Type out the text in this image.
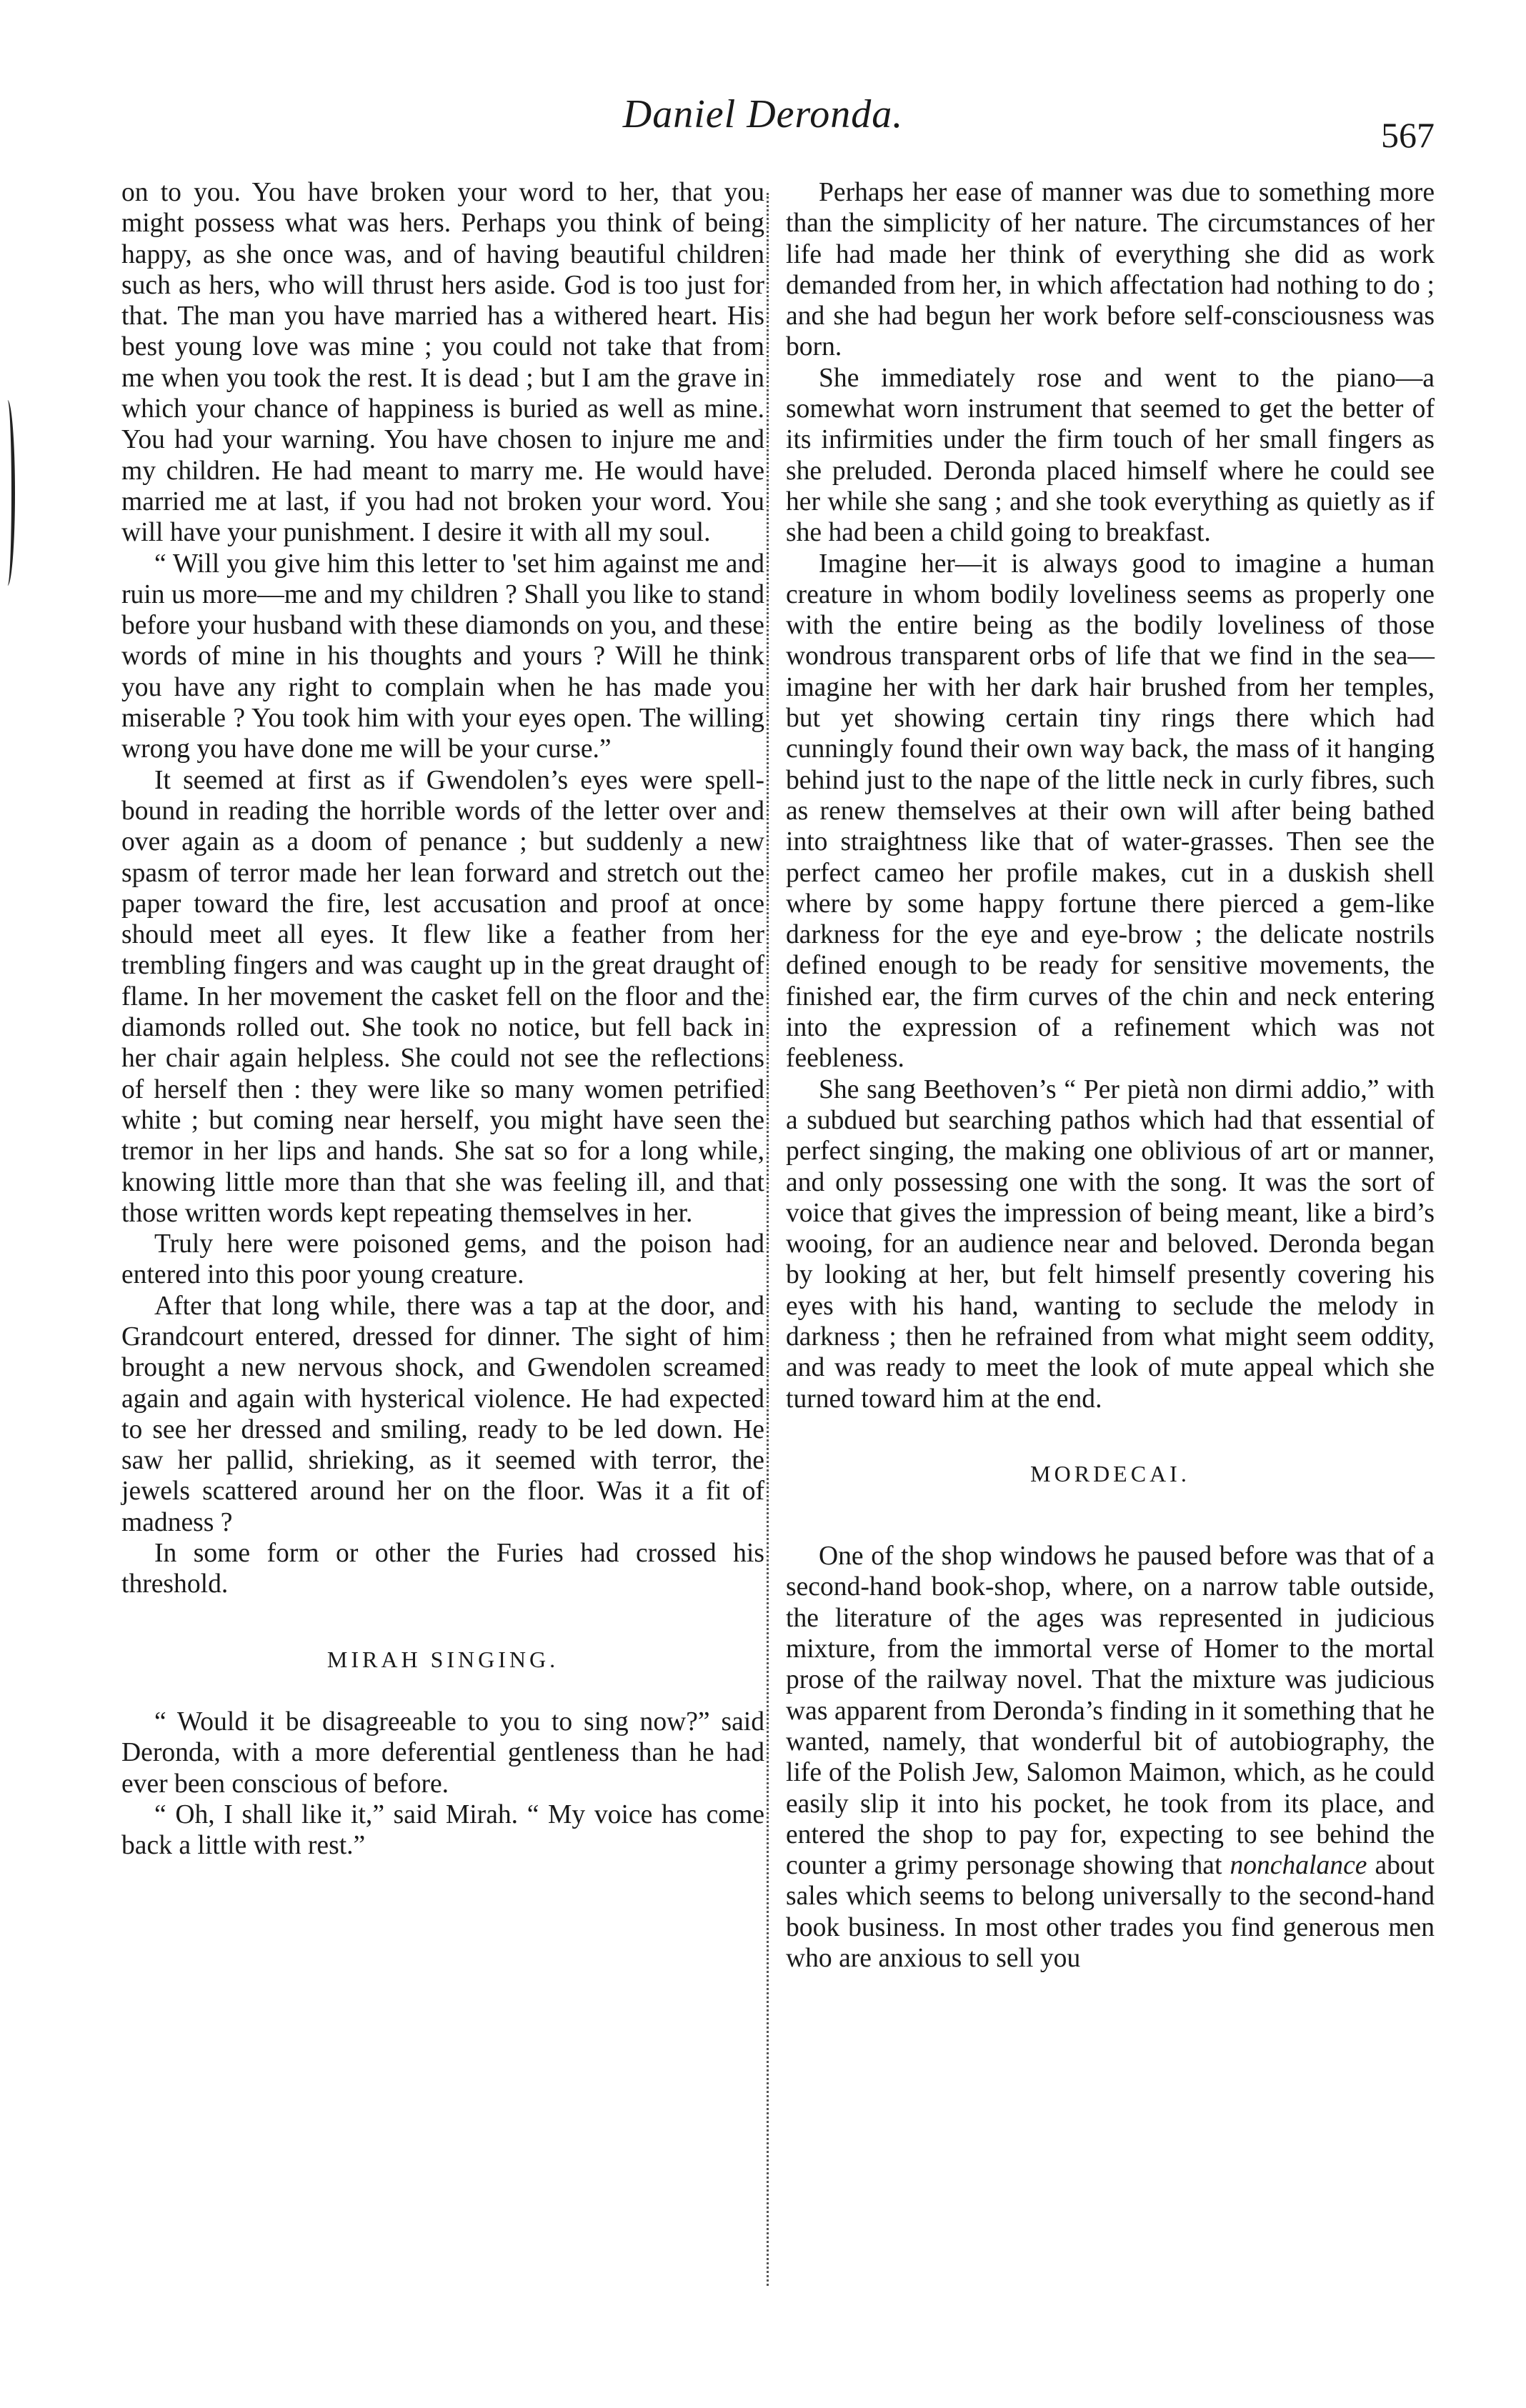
Daniel Deronda.	567

on to you. You have broken your word to her, that you might possess what was hers. Perhaps you think of being happy, as she once was, and of having beautiful children such as hers, who will thrust hers aside. God is too just for that. The man you have married has a withered heart. His best young love was mine ; you could not take that from me when you took the rest. It is dead ; but I am the grave in which your chance of happiness is buried as well as mine. You had your warning. You have chosen to injure me and my children. He had meant to marry me. He would have married me at last, if you had not broken your word. You will have your punishment. I desire it with all my soul.

“ Will you give him this letter to 'set him against me and ruin us more—me and my children ? Shall you like to stand before your husband with these diamonds on you, and these words of mine in his thoughts and yours ? Will he think you have any right to complain when he has made you miserable ? You took him with your eyes open. The willing wrong you have done me will be your curse.”

It seemed at first as if Gwendolen’s eyes were spell-bound in reading the horrible words of the letter over and over again as a doom of penance ; but suddenly a new spasm of terror made her lean forward and stretch out the paper toward the fire, lest accusation and proof at once should meet all eyes. It flew like a feather from her trembling fingers and was caught up in the great draught of flame. In her movement the casket fell on the floor and the diamonds rolled out. She took no notice, but fell back in her chair again helpless. She could not see the reflections of herself then : they were like so many women petrified white ; but coming near herself, you might have seen the tremor in her lips and hands. She sat so for a long while, knowing little more than that she was feeling ill, and that those written words kept repeating themselves in her.

Truly here were poisoned gems, and the poison had entered into this poor young creature.

After that long while, there was a tap at the door, and Grandcourt entered, dressed for dinner. The sight of him brought a new nervous shock, and Gwendolen screamed again and again with hysterical violence. He had expected to see her dressed and smiling, ready to be led down. He saw her pallid, shrieking, as it seemed with terror, the jewels scattered around her on the floor. Was it a fit of madness ?

In some form or other the Furies had crossed his threshold.

MIRAH SINGING.

“ Would it be disagreeable to you to sing now?” said Deronda, with a more deferential gentleness than he had ever been conscious of before.

“ Oh, I shall like it,” said Mirah. “ My voice has come back a little with rest.”

Perhaps her ease of manner was due to something more than the simplicity of her nature. The circumstances of her life had made her think of everything she did as work demanded from her, in which affectation had nothing to do ; and she had begun her work before self-consciousness was born.

She immediately rose and went to the piano—a somewhat worn instrument that seemed to get the better of its infirmities under the firm touch of her small fingers as she preluded. Deronda placed himself where he could see her while she sang ; and she took everything as quietly as if she had been a child going to breakfast.

Imagine her—it is always good to imagine a human creature in whom bodily loveliness seems as properly one with the entire being as the bodily loveliness of those wondrous transparent orbs of life that we find in the sea—imagine her with her dark hair brushed from her temples, but yet showing certain tiny rings there which had cunningly found their own way back, the mass of it hanging behind just to the nape of the little neck in curly fibres, such as renew themselves at their own will after being bathed into straightness like that of water-grasses. Then see the perfect cameo her profile makes, cut in a duskish shell where by some happy fortune there pierced a gem-like darkness for the eye and eye-brow ; the delicate nostrils defined enough to be ready for sensitive movements, the finished ear, the firm curves of the chin and neck entering into the expression of a refinement which was not feebleness.

She sang Beethoven’s “ Per pietà non dirmi addio,” with a subdued but searching pathos which had that essential of perfect singing, the making one oblivious of art or manner, and only possessing one with the song. It was the sort of voice that gives the impression of being meant, like a bird’s wooing, for an audience near and beloved. Deronda began by looking at her, but felt himself presently covering his eyes with his hand, wanting to seclude the melody in darkness ; then he refrained from what might seem oddity, and was ready to meet the look of mute appeal which she turned toward him at the end.

MORDECAI.

One of the shop windows he paused before was that of a second-hand book-shop, where, on a narrow table outside, the literature of the ages was represented in judicious mixture, from the immortal verse of Homer to the mortal prose of the railway novel. That the mixture was judicious was apparent from Deronda’s finding in it something that he wanted, namely, that wonderful bit of autobiography, the life of the Polish Jew, Salomon Maimon, which, as he could easily slip it into his pocket, he took from its place, and entered the shop to pay for, expecting to see behind the counter a grimy personage showing that nonchalance about sales which seems to belong universally to the second-hand book business. In most other trades you find generous men who are anxious to sell you
